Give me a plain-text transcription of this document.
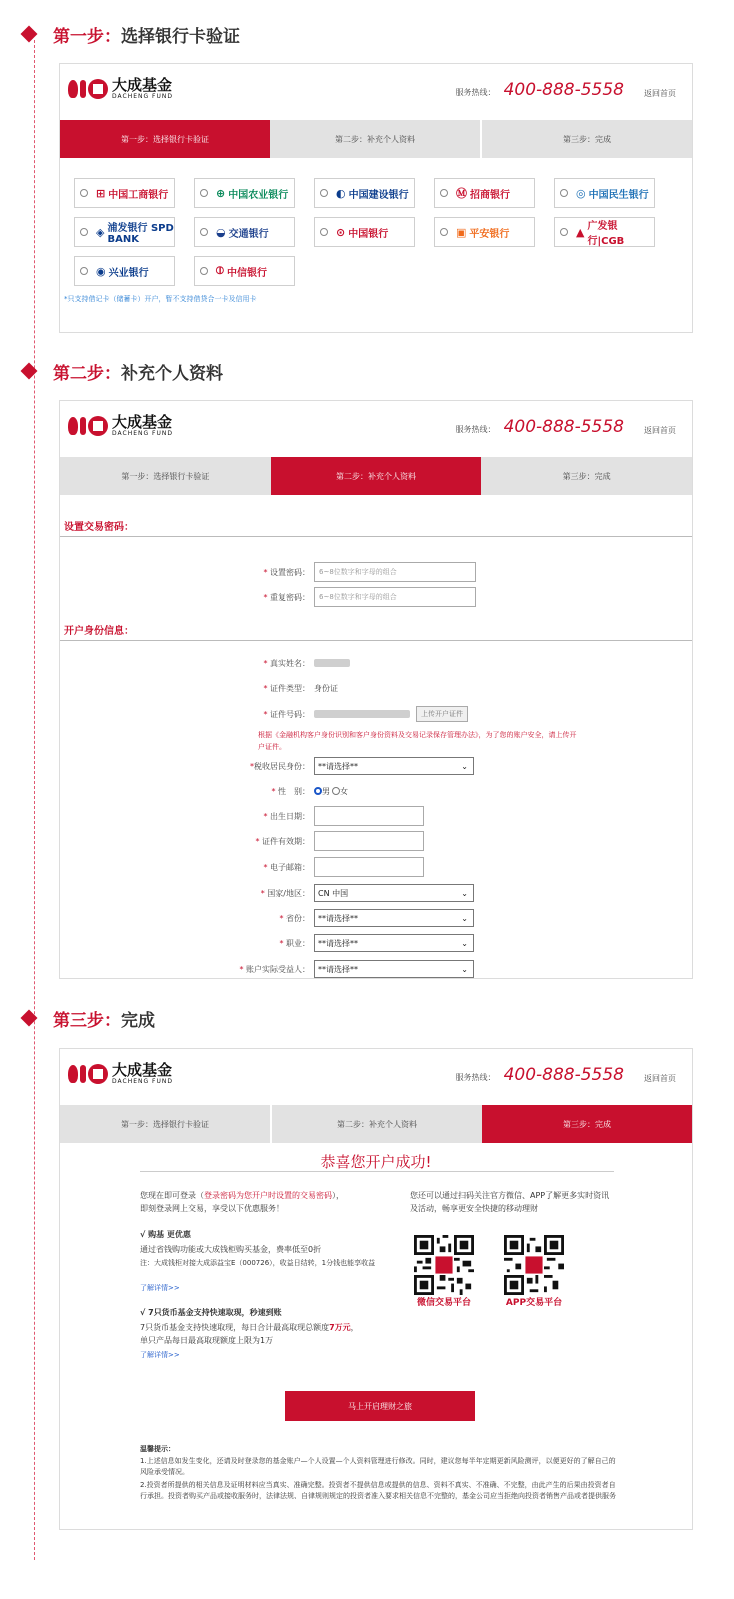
第一步： 选择银行卡验证
大成基金
DACHENG FUND	服务热线： 400-888-5558	返回首页
第一步：选择银行卡验证	第二步：补充个人资料	第三步：完成
⊞ 中国工商银行	⊕ 中国农业银行	◐ 中国建设银行	Ⓜ 招商银行	◎ 中国民生银行
◈ 浦发银行 SPD BANK
◒ 交通银行	⊙ 中国银行	▣ 平安银行	▲ 广发银行|CGB
◉ 兴业银行	⦶ 中信银行
*只支持借记卡（储蓄卡）开户，暂不支持借贷合一卡及信用卡
第二步： 补充个人资料
大成基金
DACHENG FUND	服务热线： 400-888-5558	返回首页
第一步：选择银行卡验证	第二步：补充个人资料	第三步：完成
设置交易密码：
* 设置密码：	6~8位数字和字母的组合
* 重复密码：	6~8位数字和字母的组合
开户身份信息：
* 真实姓名：
* 证件类型： 身份证
* 证件号码：	上传开户证件
根据《金融机构客户身份识别和客户身份资料及交易记录保存管理办法》，为了您的账户安全，请上传开户证件。
*税收居民身份：	**请选择**	⌄
* 性　别：	男 女
* 出生日期：
* 证件有效期：
* 电子邮箱：
* 国家/地区：	CN 中国	⌄
* 省份：	**请选择**	⌄
* 职业：	**请选择**	⌄
* 账户实际受益人：	**请选择**	⌄
第三步： 完成
大成基金
DACHENG FUND	服务热线： 400-888-5558	返回首页
第一步：选择银行卡验证	第二步：补充个人资料	第三步：完成
恭喜您开户成功!
您现在即可登录（登录密码为您开户时设置的交易密码），
即刻登录网上交易，享受以下优惠服务！
您还可以通过扫码关注官方微信、APP了解更多实时资讯及活动，畅享更安全快捷的移动理财
√ 购基 更优惠
通过省钱购功能或大成钱柜购买基金，费率低至0折
注：大成钱柜对接大成添益宝E（000726），收益日结转，1分钱也能享收益
了解详情>>
√ 7只货币基金支持快速取现，秒速到账
7只货币基金支持快速取现，每日合计最高取现总额度7万元，
单只产品每日最高取现额度上限为1万
了解详情>>
微信交易平台	APP交易平台
马上开启理财之旅
温馨提示：
1.上述信息如发生变化，还请及时登录您的基金账户—个人设置—个人资料管理进行修改。同时，建议您每半年定期更新风险测评，以便更好的了解自己的风险承受情况。
2.投资者所提供的相关信息及证明材料应当真实、准确完整。投资者不提供信息或提供的信息、资料不真实、不准确、不完整，由此产生的后果由投资者自行承担。投资者购买产品或接收服务时，法律法规、自律规则规定的投资者准入要求相关信息不完整的，基金公司应当拒绝向投资者销售产品或者提供服务
